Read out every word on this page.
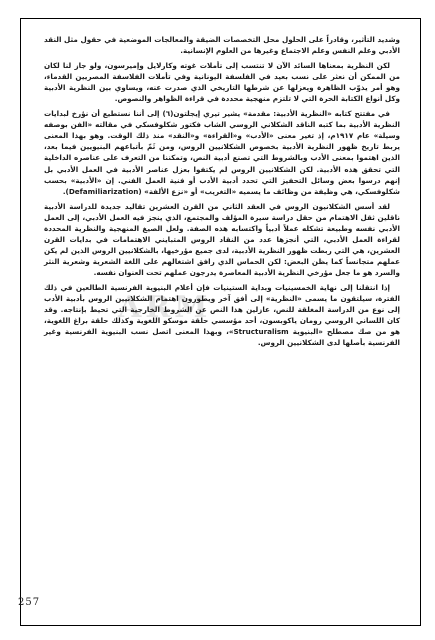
ARM

وشديد التأثير، وقادراً على الحلول محل التخصصات الضيقة والمعالجات الموضعية في حقول مثل النقد الأدبي وعلم النفس وعلم الاجتماع وغيرها من العلوم الإنسانية.

لكن النظرية بمعناها السائد الآن لا تنتسب إلى تأملات غوته وكارلايل وإميرسون، ولو جاز لنا لكان من الممكن أن نعثر على نسب بعيد في الفلسفة اليونانية وفي تأملات الفلاسفة المصريين القدماء، وهو أمر يذوّب الظاهرة ويعزلها عن شرطها التاريخي الذي صدرت عنه، ويساوي بين النظرية الأدبية وكل أنواع الكتابة الحرة التي لا تلتزم منهجية محددة في قراءة الظواهر والنصوص.

في مفتتح كتابه «النظرية الأدبية: مقدمة» يشير تيري إيجلتون(٦) إلى أننا نستطيع أن نؤرخ لبدايات النظرية الأدبية بما كتبه الناقد الشكلاني الروسي الشاب فكتور شكلوفسكي في مقالته «الفن بوصفه وسيلة» عام ١٩١٧م، إذ تغير معنى «الأدب» و«القراءة» و«النقد» منذ ذلك الوقت. وهو بهذا المعنى يربط تاريخ ظهور النظرية الأدبية بخصوص الشكلانيين الروس، ومن ثَمّ بأتباعهم البنيويين فيما بعد، الذين اهتموا بمعنى الأدب وبالشروط التي تصنع أدبية النص، وتمكننا من التعرف على عناصره الداخلية التي تحقق هذه الأدبية. لكن الشكلانيين الروس لم يكتفوا بعزل عناصر الأدبية في العمل الأدبي بل إنهم درسوا بعض وسائل التحفيز التي تحدد أدبية الأدب أو فنية العمل الفني. إن «الأدبية» بحسب شكلوفسكي، هي وظيفة من وظائف ما يسميه «التغريب» أو «نزع الألفة» (Defamiliarization).

لقد أسس الشكلانيون الروس في العقد الثاني من القرن العشرين تقاليد جديدة للدراسة الأدبية ناقلين ثقل الاهتمام من حقل دراسة سيرة المؤلف والمجتمع، الذي ينجز فيه العمل الأدبي، إلى العمل الأدبي نفسه وطبيعة تشكله عملاً أدبياً واكتسابه هذه الصفة. ولعل الصيغ المنهجية والنظرية المحددة لقراءة العمل الأدبي، التي أنجزها عدد من النقاد الروس المتبايني الاهتمامات في بدايات القرن العشرين، هي التي ربطت ظهور النظرية الأدبية، لدى جميع مؤرخيها، بالشكلانيين الروس الذين لم يكن عملهم متجانساً كما يظن البعض: لكن الحماس الذي رافق اشتغالهم على اللغة الشعرية وشعرية النثر والسرد هو ما جعل مؤرخي النظرية الأدبية المعاصرة يدرجون عملهم تحت العنوان نفسه.

إذا انتقلنا إلى نهاية الخمسينيات وبداية الستينيات فإن أعلام البنيوية الفرنسية الطالعين في ذلك الفترة، سيلتقون ما يسمى «النظرية» إلى أفق آخر ويطورون اهتمام الشكلانيين الروس بأدبية الأدب إلى نوع من الدراسة المغلقة للنص، عازلين هذا النص عن الشروط الخارجية التي تحيط بإنتاجه. وقد كان اللساني الروسي رومان ياكوبسون، أحد مؤسسي حلقة موسكو اللغوية وكذلك حلقة براغ اللغوية، هو من صك مصطلح «البنيوية Structuralism»، وبهذا المعنى اتصل نسب البنيوية الفرنسية وغير الفرنسية بأصلها لدى الشكلانيين الروس.

257
